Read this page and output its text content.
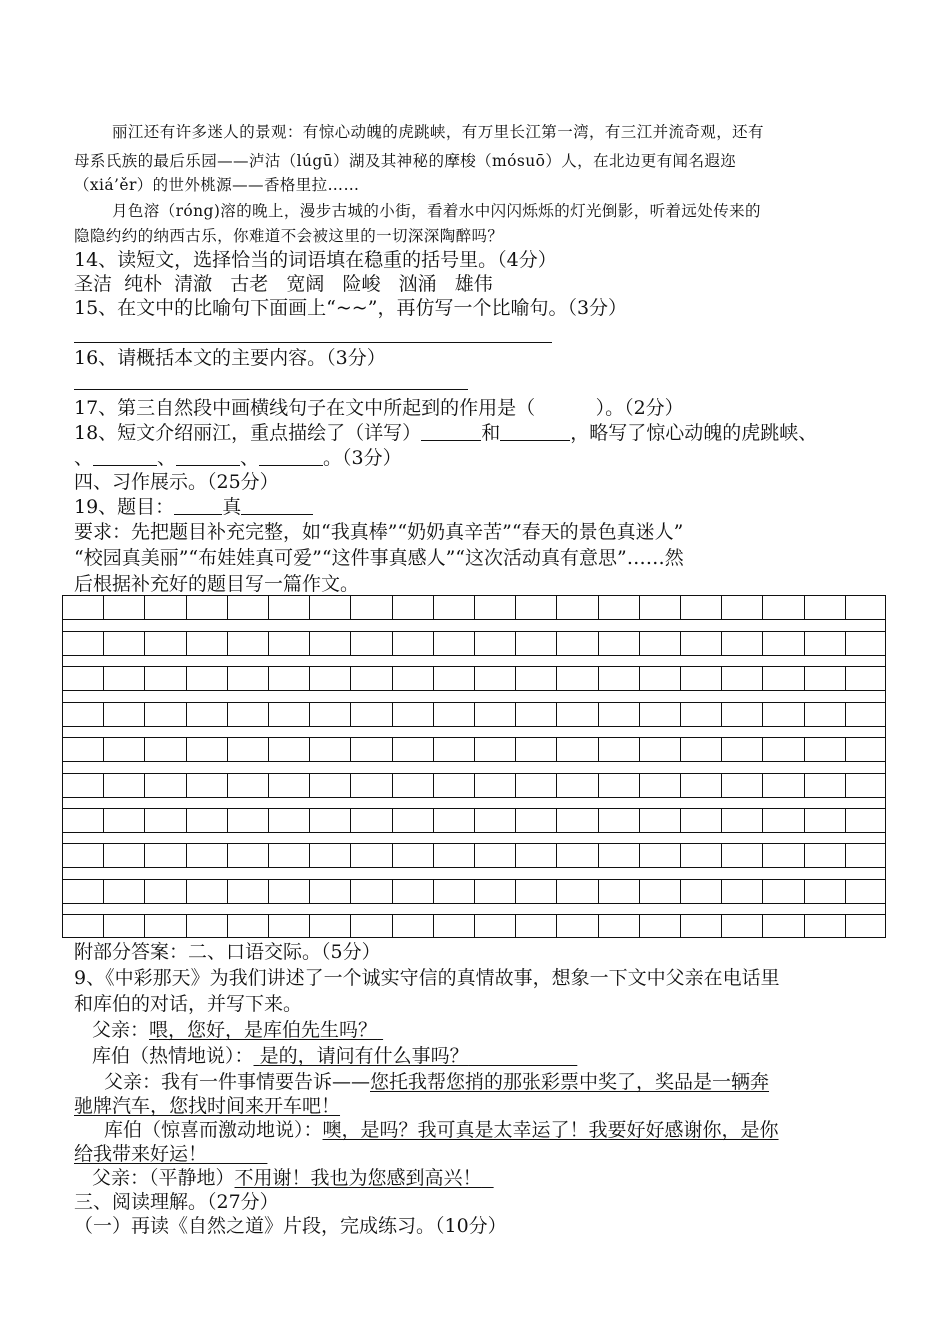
丽江还有许多迷人的景观：有惊心动魄的虎跳峡，有万里长江第一湾，有三江并流奇观，还有
母系氏族的最后乐园——泸沽（lúgū）湖及其神秘的摩梭（mósuō）人，在北边更有闻名遐迩
（xiá’ěr）的世外桃源——香格里拉……
月色溶（róng)溶的晚上，漫步古城的小街，看着水中闪闪烁烁的灯光倒影，听着远处传来的
隐隐约约的纳西古乐，你难道不会被这里的一切深深陶醉吗？
14、读短文，选择恰当的词语填在稳重的括号里。（4分）
圣洁  纯朴  清澈   古老   宽阔   险峻   汹涌   雄伟
15、在文中的比喻句下面画上“~~”，再仿写一个比喻句。（3分）
16、请概括本文的主要内容。（3分）
17、第三自然段中画横线句子在文中所起到的作用是（          ）。（2分）
18、短文介绍丽江，重点描绘了（详写）	和	，略写了惊心动魄的虎跳峡、
、	、	、	。（3分）
四、习作展示。（25分）
19、题目：	真
要求：先把题目补充完整，如“我真棒”“奶奶真辛苦”“春天的景色真迷人”
“校园真美丽”“布娃娃真可爱”“这件事真感人”“这次活动真有意思”……然
后根据补充好的题目写一篇作文。
附部分答案：二、口语交际。（5分）
9、《中彩那天》为我们讲述了一个诚实守信的真情故事，想象一下文中父亲在电话里
和库伯的对话，并写下来。
父亲：喂，您好，是库伯先生吗？
库伯（热情地说）： 是的，请问有什么事吗？
父亲：我有一件事情要告诉——您托我帮您捎的那张彩票中奖了，奖品是一辆奔
驰牌汽车，您找时间来开车吧！
库伯（惊喜而激动地说）：噢，是吗？我可真是太幸运了！我要好好感谢你，是你
给我带来好运！
父亲：（平静地）不用谢！我也为您感到高兴！
三、阅读理解。（27分）
（一）再读《自然之道》片段，完成练习。（10分）
